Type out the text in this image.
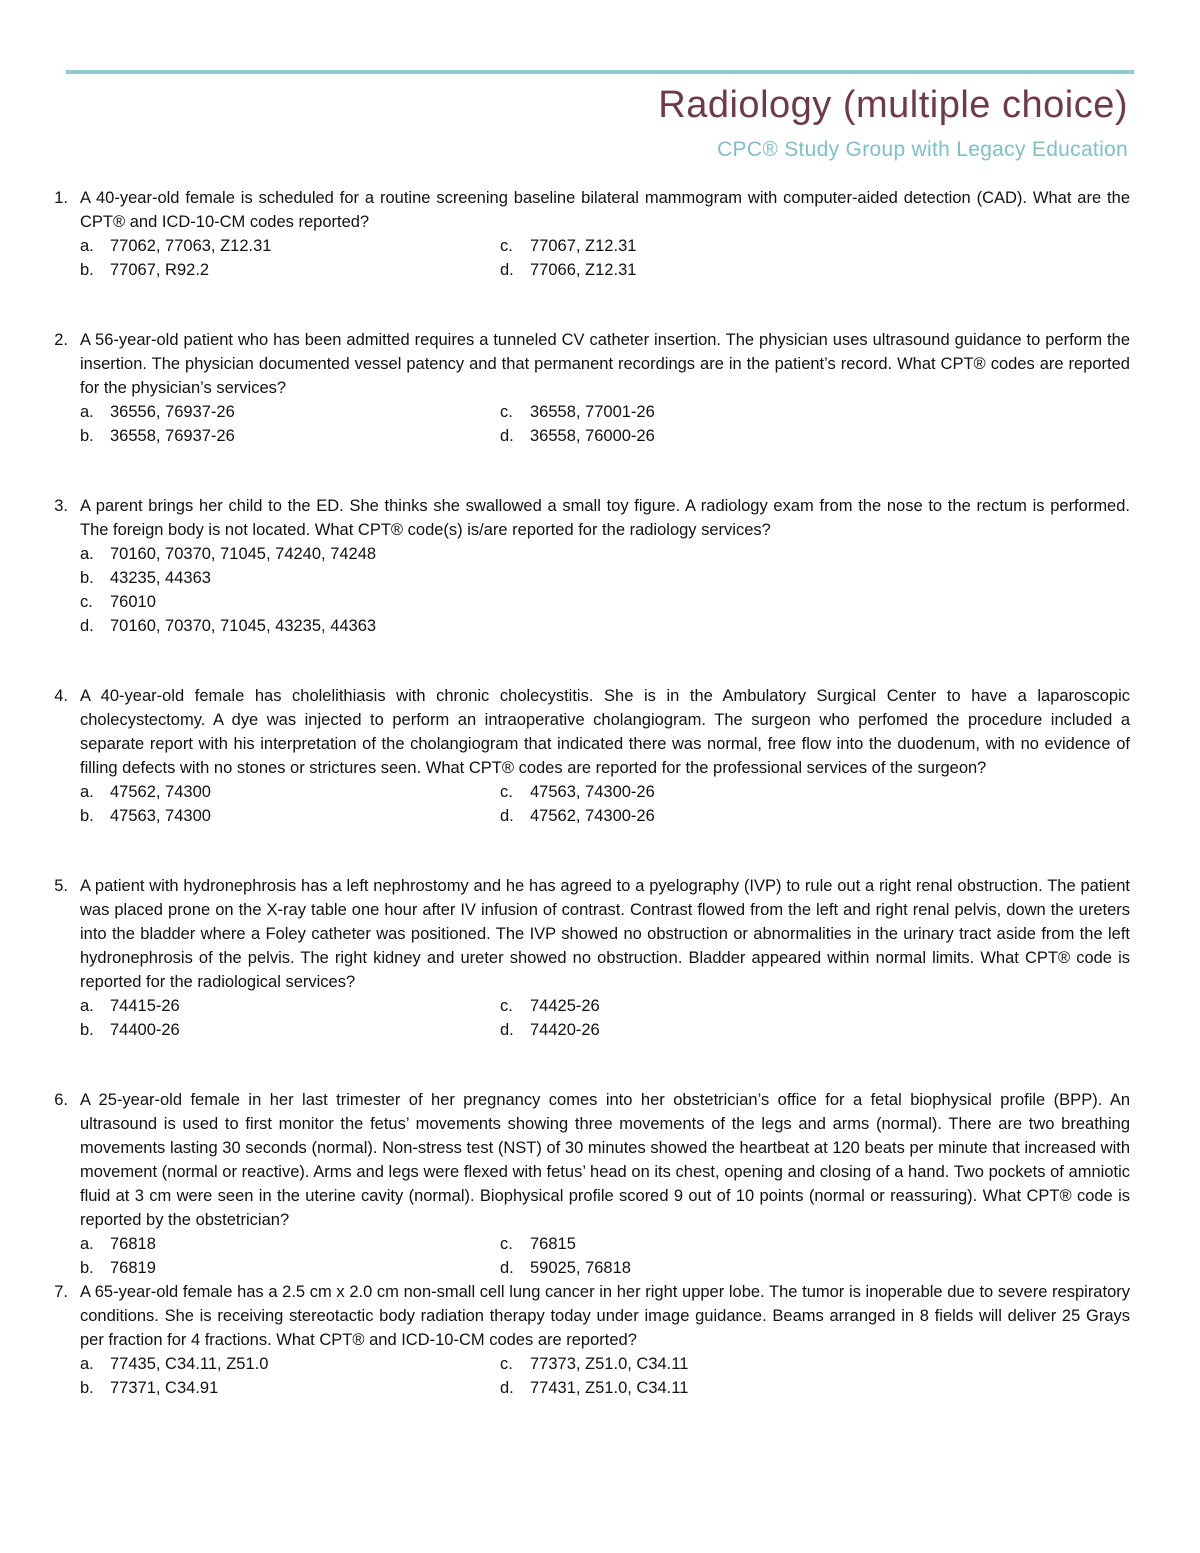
Radiology (multiple choice)
CPC® Study Group with Legacy Education
1. A 40-year-old female is scheduled for a routine screening baseline bilateral mammogram with computer-aided detection (CAD). What are the CPT® and ICD-10-CM codes reported?
a. 77062, 77063, Z12.31	c.	77067, Z12.31
b. 77067, R92.2	d. 77066, Z12.31
2. A 56-year-old patient who has been admitted requires a tunneled CV catheter insertion. The physician uses ultrasound guidance to perform the insertion. The physician documented vessel patency and that permanent recordings are in the patient’s record. What CPT® codes are reported for the physician’s services?
a. 36556, 76937-26	c.	36558, 77001-26
b. 36558, 76937-26	d. 36558, 76000-26
3. A parent brings her child to the ED. She thinks she swallowed a small toy figure. A radiology exam from the nose to the rectum is performed. The foreign body is not located. What CPT® code(s) is/are reported for the radiology services?
a. 70160, 70370, 71045, 74240, 74248
b. 43235, 44363
c.	76010
d. 70160, 70370, 71045, 43235, 44363
4. A 40-year-old female has cholelithiasis with chronic cholecystitis. She is in the Ambulatory Surgical Center to have a laparoscopic cholecystectomy. A dye was injected to perform an intraoperative cholangiogram. The surgeon who perfomed the procedure included a separate report with his interpretation of the cholangiogram that indicated there was normal, free flow into the duodenum, with no evidence of filling defects with no stones or strictures seen. What CPT® codes are reported for the professional services of the surgeon?
a. 47562, 74300	c.	47563, 74300-26
b. 47563, 74300	d. 47562, 74300-26
5. A patient with hydronephrosis has a left nephrostomy and he has agreed to a pyelography (IVP) to rule out a right renal obstruction. The patient was placed prone on the X-ray table one hour after IV infusion of contrast. Contrast flowed from the left and right renal pelvis, down the ureters into the bladder where a Foley catheter was positioned. The IVP showed no obstruction or abnormalities in the urinary tract aside from the left hydronephrosis of the pelvis. The right kidney and ureter showed no obstruction. Bladder appeared within normal limits. What CPT® code is reported for the radiological services?
a. 74415-26	c.	74425-26
b. 74400-26	d. 74420-26
6. A 25-year-old female in her last trimester of her pregnancy comes into her obstetrician’s office for a fetal biophysical profile (BPP). An ultrasound is used to first monitor the fetus’ movements showing three movements of the legs and arms (normal). There are two breathing movements lasting 30 seconds (normal). Non-stress test (NST) of 30 minutes showed the heartbeat at 120 beats per minute that increased with movement (normal or reactive). Arms and legs were flexed with fetus’ head on its chest, opening and closing of a hand. Two pockets of amniotic fluid at 3 cm were seen in the uterine cavity (normal). Biophysical profile scored 9 out of 10 points (normal or reassuring). What CPT® code is reported by the obstetrician?
a. 76818	c.	76815
b. 76819	d. 59025, 76818
7. A 65-year-old female has a 2.5 cm x 2.0 cm non-small cell lung cancer in her right upper lobe. The tumor is inoperable due to severe respiratory conditions. She is receiving stereotactic body radiation therapy today under image guidance. Beams arranged in 8 fields will deliver 25 Grays per fraction for 4 fractions. What CPT® and ICD-10-CM codes are reported?
a. 77435, C34.11, Z51.0	c.	77373, Z51.0, C34.11
b. 77371, C34.91	d. 77431, Z51.0, C34.11
